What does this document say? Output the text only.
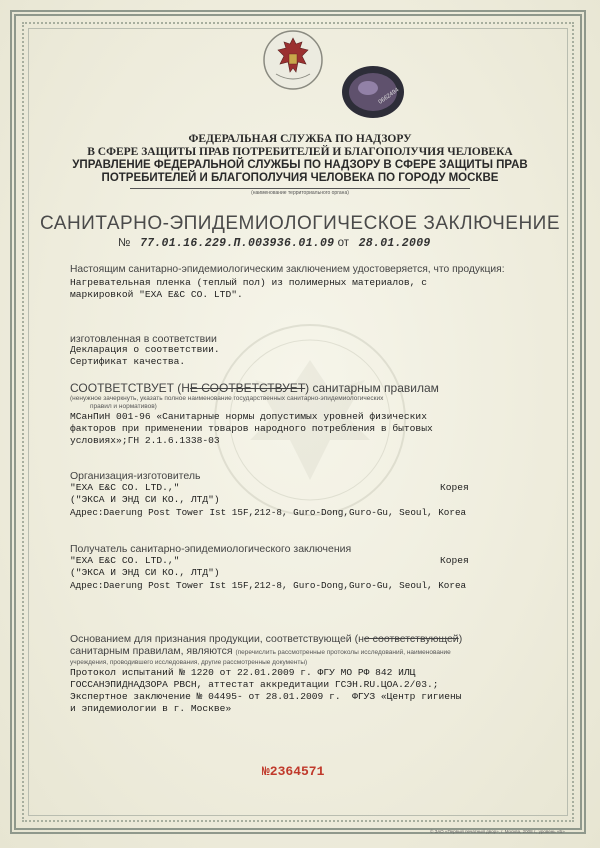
0662494
ФЕДЕРАЛЬНАЯ СЛУЖБА ПО НАДЗОРУ
В СФЕРЕ ЗАЩИТЫ ПРАВ ПОТРЕБИТЕЛЕЙ И БЛАГОПОЛУЧИЯ ЧЕЛОВЕКА
УПРАВЛЕНИЕ ФЕДЕРАЛЬНОЙ СЛУЖБЫ ПО НАДЗОРУ В СФЕРЕ ЗАЩИТЫ ПРАВ
ПОТРЕБИТЕЛЕЙ И БЛАГОПОЛУЧИЯ ЧЕЛОВЕКА ПО ГОРОДУ МОСКВЕ
(наименование территориального органа)
САНИТАРНО-ЭПИДЕМИОЛОГИЧЕСКОЕ ЗАКЛЮЧЕНИЕ
№ 77.01.16.229.П.003936.01.09 от 28.01.2009
Настоящим санитарно-эпидемиологическим заключением удостоверяется, что продукция:
Нагревательная пленка (теплый пол) из полимерных материалов, с
маркировкой "EXA E&C CO. LTD".
изготовленная в соответствии
Декларация о соответствии.
Сертификат качества.
СООТВЕТСТВУЕТ (НЕ СООТВЕТСТВУЕТ) санитарным правилам
(ненужное зачеркнуть, указать полное наименование государственных санитарно-эпидемиологических
правил и нормативов)
МСанПиН 001-96 «Санитарные нормы допустимых уровней физических
факторов при применении товаров народного потребления в бытовых
условиях»;ГН 2.1.6.1338-03
Организация-изготовитель
"EXA E&C CO. LTD.,"	Корея
("ЭКСА И ЭНД СИ КО., ЛТД")
Адрес:Daerung Post Tower Ist 15F,212-8, Guro-Dong,Guro-Gu, Seoul, Korea
Получатель санитарно-эпидемиологического заключения
"EXA E&C CO. LTD.,"	Корея
("ЭКСА И ЭНД СИ КО., ЛТД")
Адрес:Daerung Post Tower Ist 15F,212-8, Guro-Dong,Guro-Gu, Seoul, Korea
Основанием для признания продукции, соответствующей (не соответствующей)
санитарным правилам, являются (перечислить рассмотренные протоколы исследований, наименование
учреждения, проводившего исследования, другие рассмотренные документы)
Протокол испытаний № 1220 от 22.01.2009 г. ФГУ МО РФ 842 ИЛЦ
ГОССАНЭПИДНАДЗОРА РВСН, аттестат аккредитации ГСЭН.RU.ЦОА.2/03.;
Экспертное заключение № 04495- от 28.01.2009 г.  ФГУЗ «Центр гигиены
и эпидемиологии в г. Москве»
№2364571
© ЗАО «Первый печатный двор», г. Москва, 2008 г., уровень «Б»
